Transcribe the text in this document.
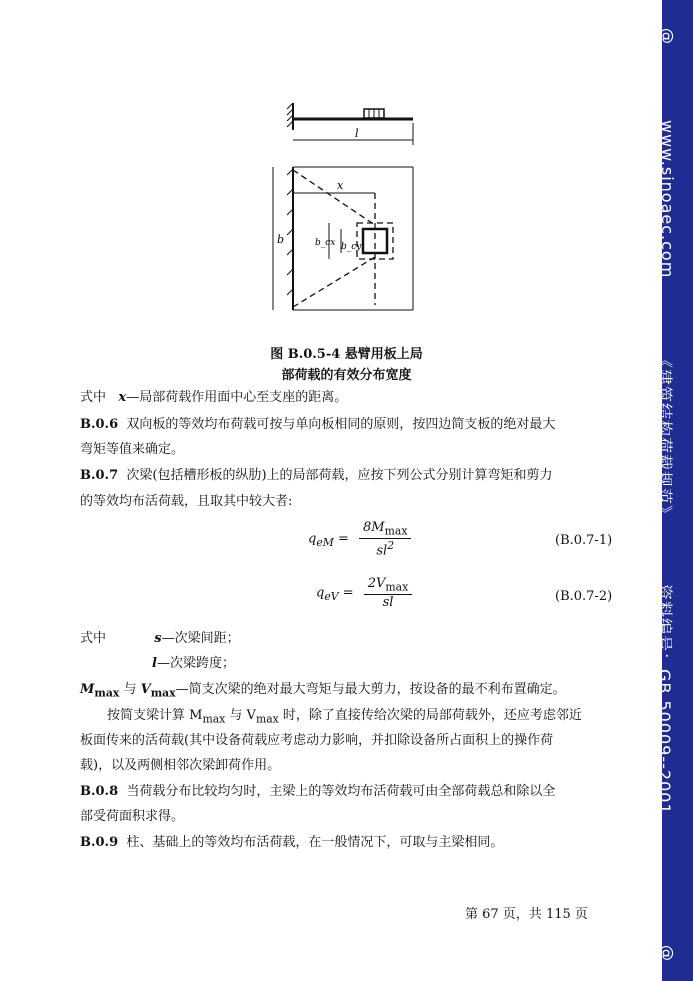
@
www.sinoaec.com
《建筑结构荷载规范》
资料编号：GB 50009--2001
@
l
b
x
b_cx b_cy
图 B.0.5-4 悬臂用板上局
部荷载的有效分布宽度
式中 x—局部荷载作用面中心至支座的距离。
B.0.6 双向板的等效均布荷载可按与单向板相同的原则，按四边简支板的绝对最大
弯矩等值来确定。
B.0.7 次梁(包括槽形板的纵肋)上的局部荷载，应按下列公式分别计算弯矩和剪力
的等效均布活荷载，且取其中较大者:
$q_{eM} = \frac{8M_{max}}{sl^2}$	(B.0.7-1)
$q_{eV} = \frac{2V_{max}}{sl}$	(B.0.7-2)
式中	s—次梁间距；
l—次梁跨度；
$M_{max}$ 与 $V_{max}—$简支次梁的绝对最大弯矩与最大剪力，按设备的最不利布置确定。
按简支梁计算 $M_{max}$ 与 $V_{max}$ 时，除了直接传给次梁的局部荷载外，还应考虑邻近
板面传来的活荷载(其中设备荷载应考虑动力影响，并扣除设备所占面积上的操作荷
载)，以及两侧相邻次梁卸荷作用。
B.0.8 当荷载分布比较均匀时，主梁上的等效均布活荷载可由全部荷载总和除以全
部受荷面积求得。
B.0.9 柱、基础上的等效均布活荷载，在一般情况下，可取与主梁相同。
第 67 页，共 115 页
